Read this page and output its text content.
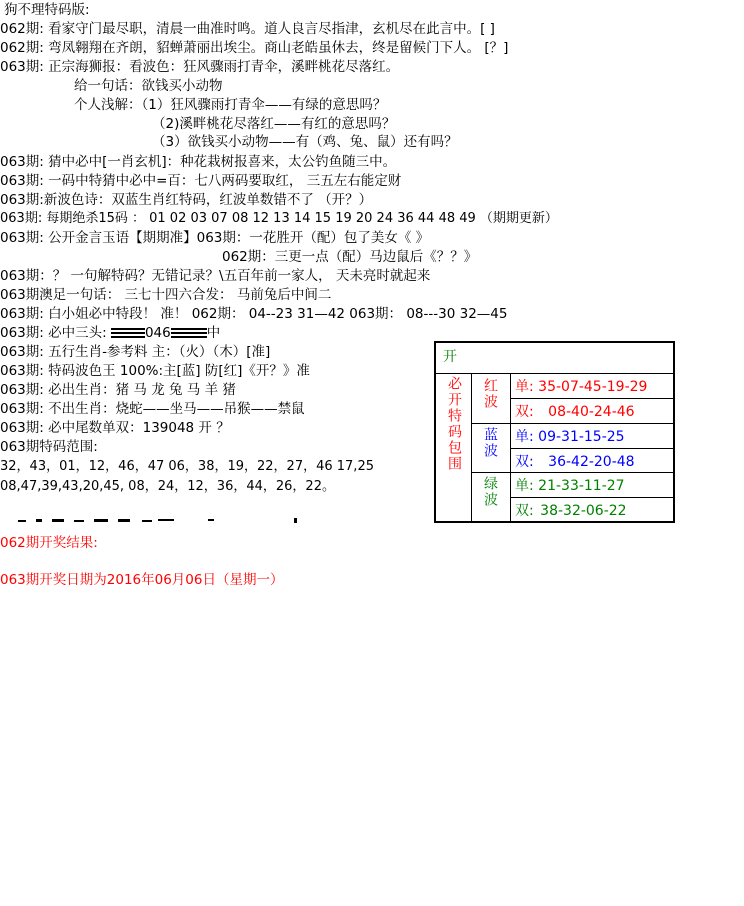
狗不理特码版:
062期: 看家守门最尽职，清晨一曲准时鸣。道人良言尽指津，玄机尽在此言中。[ ]
062期: 弯凤翱翔在齐朗，貂蝉萧丽出埃尘。商山老皓虽休去，终是留候门下人。 [？]
063期: 正宗海狮报：看波色：狂风骤雨打青伞，溪畔桃花尽落红。
给一句话：欲钱买小动物
个人浅解：（1）狂风骤雨打青伞——有绿的意思吗？
（2)溪畔桃花尽落红——有红的意思吗？
（3）欲钱买小动物——有（鸡、兔、鼠）还有吗？
063期: 猜中必中[一肖玄机]：种花栽树报喜来，太公钓鱼随三中。
063期: 一码中特猜中必中=百：七八两码要取红， 三五左右能定财
063期:新波色诗：双蓝生肖红特码，红波单数错不了 （开？）
063期: 每期绝杀15码 ： 01 02 03 07 08 12 13 14 15 19 20 24 36 44 48 49 （期期更新）
063期: 公开金言玉语【期期准】063期：一花胜开（配）包了美女《 》
062期：三更一点（配）马边鼠后《？？》
063期：？ 一句解特码？无错记录？\五百年前一家人， 天未亮时就起来
063期澳足一句话： 三七十四六合发： 马前兔后中间二
063期: 白小姐必中特段！ 准！ 062期： 04--23 31—42 063期： 08---30 32—45
063期: 必中三头:	046	中
063期: 五行生肖-参考料 主：（火）（木）[准]
063期: 特码波色王 100%:主[蓝] 防[红]《开？》准
063期: 必出生肖：猪 马 龙 兔 马 羊 猪
063期: 不出生肖：烧蛇——坐马——吊猴——禁鼠
063期: 必中尾数单双：139048 开 ？
063期特码范围:
32，43，01，12，46，47 06，38，19，22，27，46 17,25
08,47,39,43,20,45, 08，24，12，36，44，26，22。
062期开奖结果:
063期开奖日期为2016年06月06日（星期一）
开
必开特码包围 红波 单: 35-07-45-19-29
双: 08-40-24-46
蓝波 单: 09-31-15-25
双: 36-42-20-48
绿波 单: 21-33-11-27
双: 38-32-06-22
